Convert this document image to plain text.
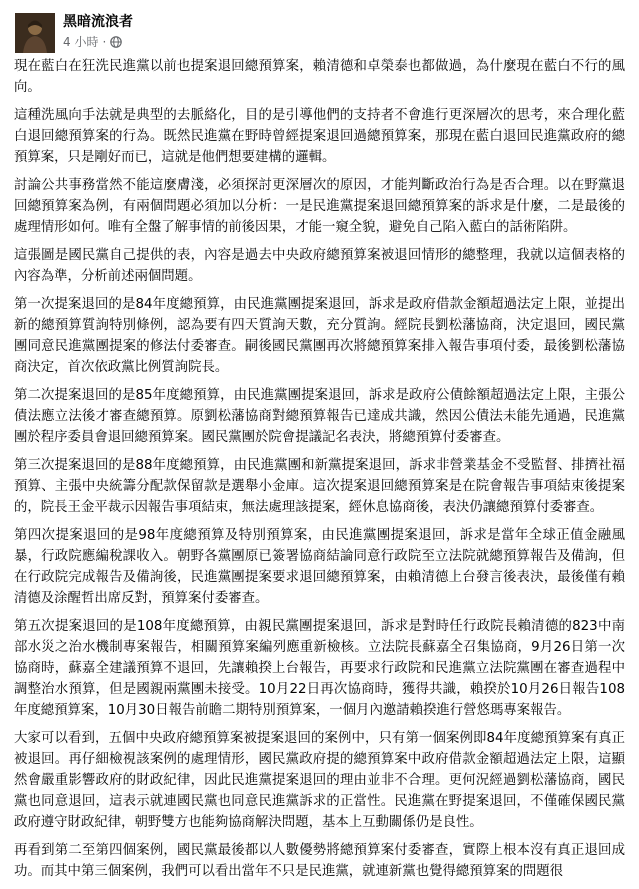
黑暗流浪者
4 小時 ·

現在藍白在狂洗民進黨以前也提案退回總預算案，賴清德和卓榮泰也都做過，為什麼現在藍白不行的風向。

這種洗風向手法就是典型的去脈絡化，目的是引導他們的支持者不會進行更深層次的思考，來合理化藍白退回總預算案的行為。既然民進黨在野時曾經提案退回過總預算案，那現在藍白退回民進黨政府的總預算案，只是剛好而已，這就是他們想要建構的邏輯。

討論公共事務當然不能這麼膚淺，必須探討更深層次的原因，才能判斷政治行為是否合理。以在野黨退回總預算案為例，有兩個問題必須加以分析：一是民進黨提案退回總預算案的訴求是什麼，二是最後的處理情形如何。唯有全盤了解事情的前後因果，才能一窺全貌，避免自己陷入藍白的話術陷阱。

這張圖是國民黨自己提供的表，內容是過去中央政府總預算案被退回情形的總整理，我就以這個表格的內容為準，分析前述兩個問題。

第一次提案退回的是84年度總預算，由民進黨團提案退回，訴求是政府借款金額超過法定上限，並提出新的總預算質詢特別條例，認為要有四天質詢天數，充分質詢。經院長劉松藩協商，決定退回，國民黨團同意民進黨團提案的修法付委審查。嗣後國民黨團再次將總預算案排入報告事項付委，最後劉松藩協商決定，首次依政黨比例質詢院長。

第二次提案退回的是85年度總預算，由民進黨團提案退回，訴求是政府公債餘額超過法定上限，主張公債法應立法後才審查總預算。原劉松藩協商對總預算報告已達成共識，然因公債法未能先通過，民進黨團於程序委員會退回總預算案。國民黨團於院會提議記名表決，將總預算付委審查。

第三次提案退回的是88年度總預算，由民進黨團和新黨提案退回，訴求非營業基金不受監督、排擠社福預算、主張中央統籌分配款保留款是選舉小金庫。這次提案退回總預算案是在院會報告事項結束後提案的，院長王金平裁示因報告事項結束，無法處理該提案，經休息協商後，表決仍讓總預算付委審查。

第四次提案退回的是98年度總預算及特別預算案，由民進黨團提案退回，訴求是當年全球正值金融風暴，行政院應編稅課收入。朝野各黨團原已簽署協商結論同意行政院至立法院就總預算報告及備詢，但在行政院完成報告及備詢後，民進黨團提案要求退回總預算案，由賴清德上台發言後表決，最後僅有賴清德及涂醒哲出席反對，預算案付委審查。

第五次提案退回的是108年度總預算，由親民黨團提案退回，訴求是對時任行政院長賴清德的823中南部水災之治水機制專案報告，相關預算案編列應重新檢核。立法院長蘇嘉全召集協商，9月26日第一次協商時，蘇嘉全建議預算不退回，先讓賴揆上台報告，再要求行政院和民進黨立法院黨團在審查過程中調整治水預算，但是國親兩黨團未接受。10月22日再次協商時，獲得共識，賴揆於10月26日報告108年度總預算案，10月30日報告前瞻二期特別預算案，一個月內邀請賴揆進行營悠瑪專案報告。

大家可以看到，五個中央政府總預算案被提案退回的案例中，只有第一個案例即84年度總預算案有真正被退回。再仔細檢視該案例的處理情形，國民黨政府提的總預算案中政府借款金額超過法定上限，這顯然會嚴重影響政府的財政紀律，因此民進黨提案退回的理由並非不合理。更何況經過劉松藩協商，國民黨也同意退回，這表示就連國民黨也同意民進黨訴求的正當性。民進黨在野提案退回，不僅確保國民黨政府遵守財政紀律，朝野雙方也能夠協商解決問題，基本上互動關係仍是良性。

再看到第二至第四個案例，國民黨最後都以人數優勢將總預算案付委審查，實際上根本沒有真正退回成功。而其中第三個案例，我們可以看出當年不只是民進黨，就連新黨也覺得總預算案的問題很
